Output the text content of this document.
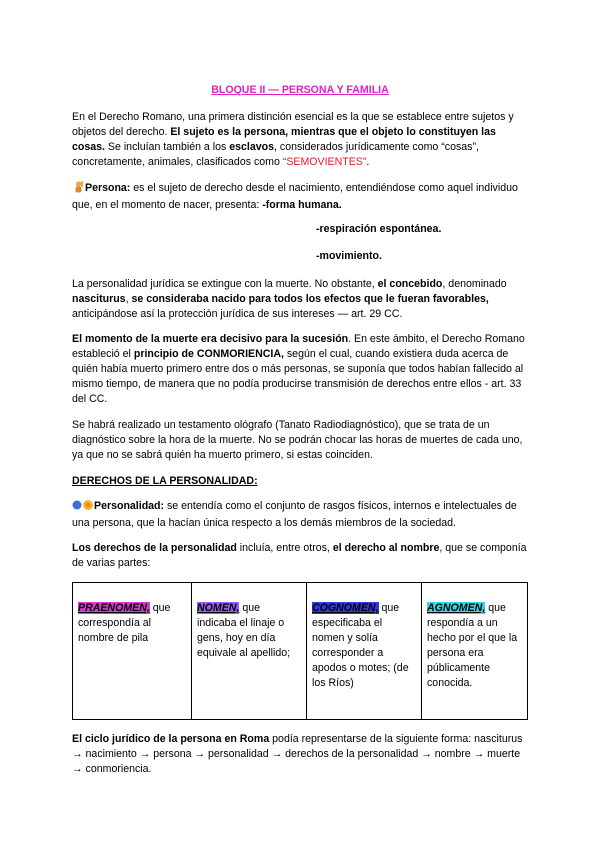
BLOQUE II — PERSONA Y FAMILIA

En el Derecho Romano, una primera distinción esencial es la que se establece entre sujetos y objetos del derecho. El sujeto es la persona, mientras que el objeto lo constituyen las cosas. Se incluían también a los esclavos, considerados jurídicamente como “cosas”, concretamente, animales, clasificados como “SEMOVIENTES”.

Persona: es el sujeto de derecho desde el nacimiento, entendiéndose como aquel individuo que, en el momento de nacer, presenta: -forma humana.

-respiración espontánea.

-movimiento.

La personalidad jurídica se extingue con la muerte. No obstante, el concebido, denominado nasciturus, se consideraba nacido para todos los efectos que le fueran favorables, anticipándose así la protección jurídica de sus intereses — art. 29 CC.

El momento de la muerte era decisivo para la sucesión. En este ámbito, el Derecho Romano estableció el principio de CONMORIENCIA, según el cual, cuando existiera duda acerca de quién había muerto primero entre dos o más personas, se suponía que todos habían fallecido al mismo tiempo, de manera que no podía producirse transmisión de derechos entre ellos - art. 33 del CC.

Se habrá realizado un testamento ológrafo (Tanato Radiodiagnóstico), que se trata de un diagnóstico sobre la hora de la muerte. No se podrán chocar las horas de muertes de cada uno, ya que no se sabrá quién ha muerto primero, si estas coinciden.

DERECHOS DE LA PERSONALIDAD:

Personalidad: se entendía como el conjunto de rasgos físicos, internos e intelectuales de una persona, que la hacían única respecto a los demás miembros de la sociedad.

Los derechos de la personalidad incluía, entre otros, el derecho al nombre, que se componía de varias partes:

PRAENOMEN, que correspondía al nombre de pila	NOMEN, que indicaba el linaje o gens, hoy en día equivale al apellido;	COGNOMEN, que especificaba el nomen y solía corresponder a apodos o motes; (de los Ríos)	AGNOMEN, que respondía a un hecho por el que la persona era públicamente conocida.

El ciclo jurídico de la persona en Roma podía representarse de la siguiente forma: nasciturus → nacimiento → persona → personalidad → derechos de la personalidad → nombre → muerte → conmoriencia.
